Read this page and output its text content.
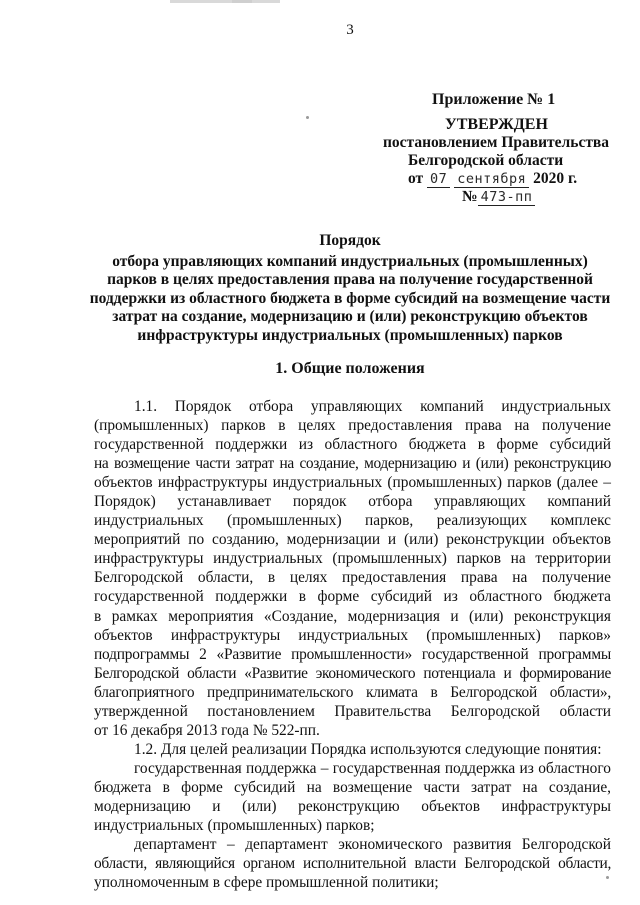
3
Приложение № 1
УТВЕРЖДЕН
постановлением Правительства
Белгородской области
от 07 сентября 2020 г.
№ 473-пп
Порядок
отбора управляющих компаний индустриальных (промышленных)
парков в целях предоставления права на получение государственной
поддержки из областного бюджета в форме субсидий на возмещение части
затрат на создание, модернизацию и (или) реконструкцию объектов
инфраструктуры индустриальных (промышленных) парков
1. Общие положения
1.1. Порядок отбора управляющих компаний индустриальных
(промышленных) парков в целях предоставления права на получение
государственной поддержки из областного бюджета в форме субсидий
на возмещение части затрат на создание, модернизацию и (или) реконструкцию
объектов инфраструктуры индустриальных (промышленных) парков (далее –
Порядок) устанавливает порядок отбора управляющих компаний
индустриальных (промышленных) парков, реализующих комплекс
мероприятий по созданию, модернизации и (или) реконструкции объектов
инфраструктуры индустриальных (промышленных) парков на территории
Белгородской области, в целях предоставления права на получение
государственной поддержки в форме субсидий из областного бюджета
в рамках мероприятия «Создание, модернизация и (или) реконструкция
объектов инфраструктуры индустриальных (промышленных) парков»
подпрограммы 2 «Развитие промышленности» государственной программы
Белгородской области «Развитие экономического потенциала и формирование
благоприятного предпринимательского климата в Белгородской области»,
утвержденной постановлением Правительства Белгородской области
от 16 декабря 2013 года № 522-пп.
1.2. Для целей реализации Порядка используются следующие понятия:
государственная поддержка – государственная поддержка из областного
бюджета в форме субсидий на возмещение части затрат на создание,
модернизацию и (или) реконструкцию объектов инфраструктуры
индустриальных (промышленных) парков;
департамент – департамент экономического развития Белгородской
области, являющийся органом исполнительной власти Белгородской области,
уполномоченным в сфере промышленной политики;
